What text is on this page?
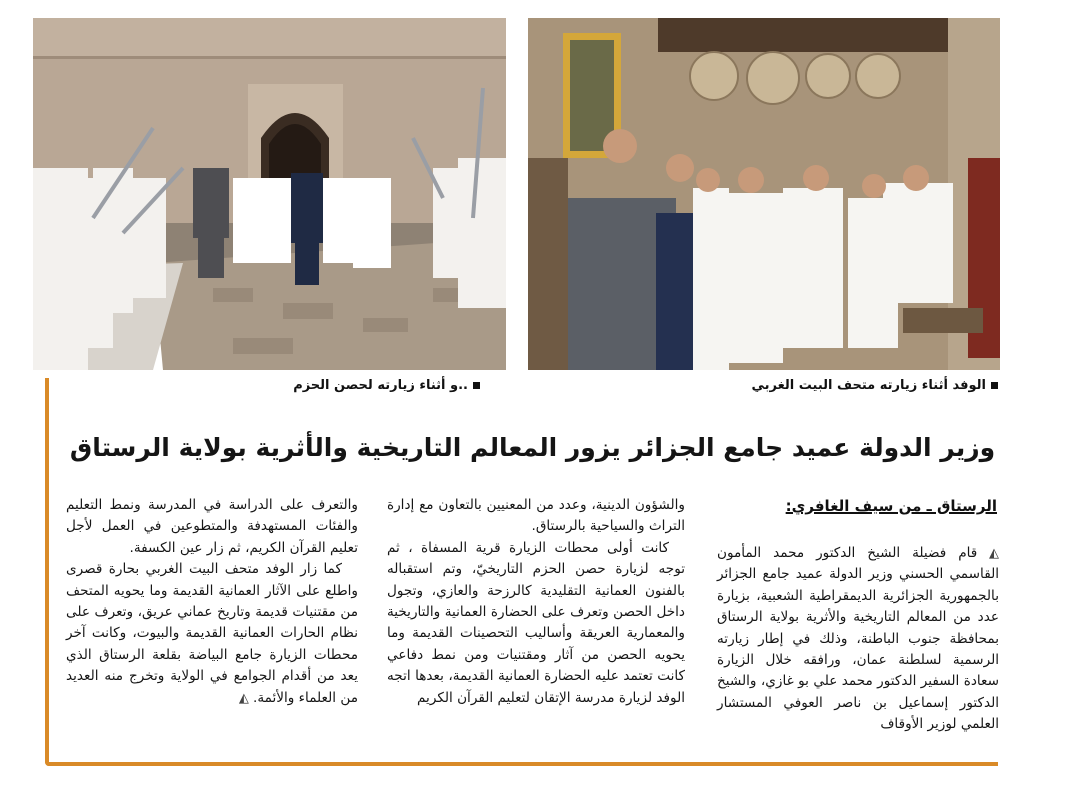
..و أثناء زيارته لحصن الحزم	الوفد أثناء زيارته متحف البيت الغربي
وزير الدولة عميد جامع الجزائر يزور المعالم التاريخية والأثرية بولاية الرستاق
الرستاق ـ من سيف الغافري:

◭ قام فضيلة الشيخ الدكتور محمد المأمون القاسمي الحسني وزير الدولة عميد جامع الجزائر بالجمهورية الجزائرية الديمقراطية الشعبية، بزيارة عدد من المعالم التاريخية والأثرية بولاية الرستاق بمحافظة جنوب الباطنة، وذلك في إطار زيارته الرسمية لسلطنة عمان، ورافقه خلال الزيارة سعادة السفير الدكتور محمد علي بو غازي، والشيخ الدكتور إسماعيل بن ناصر العوفي المستشار العلمي لوزير الأوقاف

والشؤون الدينية، وعدد من المعنيين بالتعاون مع إدارة التراث والسياحية بالرستاق.

كانت أولى محطات الزيارة قرية المسفاة ، ثم توجه لزيارة حصن الحزم التاريخيّ، وتم استقباله بالفنون العمانية التقليدية كالرزحة والعازي، وتجول داخل الحصن وتعرف على الحضارة العمانية والتاريخية والمعمارية العريقة وأساليب التحصينات القديمة وما يحويه الحصن من آثار ومقتنيات ومن نمط دفاعي كانت تعتمد عليه الحضارة العمانية القديمة، بعدها اتجه الوفد لزيارة مدرسة الإتقان لتعليم القرآن الكريم

والتعرف على الدراسة في المدرسة ونمط التعليم والفئات المستهدفة والمتطوعين في العمل لأجل تعليم القرآن الكريم، ثم زار عين الكسفة.

كما زار الوفد متحف البيت الغربي بحارة قصرى واطلع على الآثار العمانية القديمة وما يحويه المتحف من مقتنيات قديمة وتاريخ عماني عريق، وتعرف على نظام الحارات العمانية القديمة والبيوت، وكانت آخر محطات الزيارة جامع البياضة بقلعة الرستاق الذي يعد من أقدام الجوامع في الولاية وتخرج منه العديد من العلماء والأئمة. ◭
